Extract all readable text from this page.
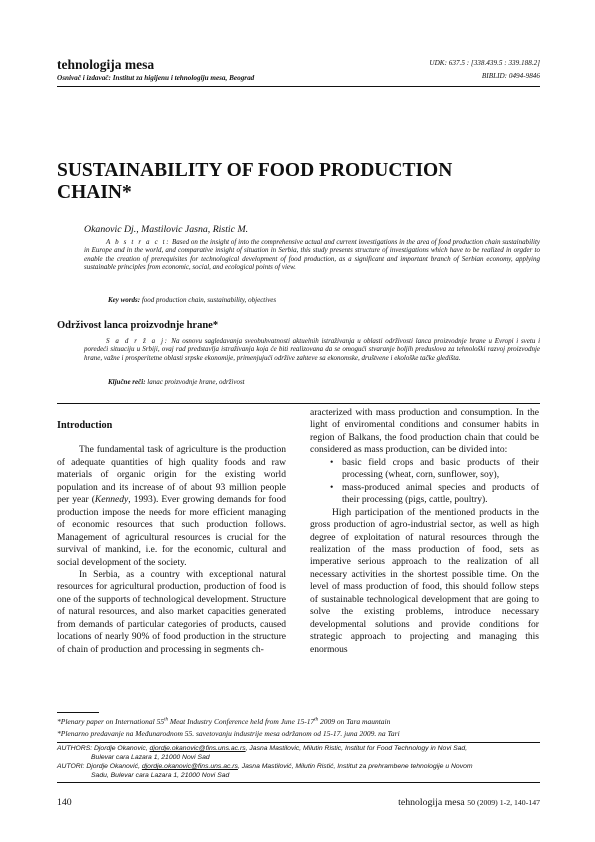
tehnologija mesa
Osnivač i izdavač: Institut za higijenu i tehnologiju mesa, Beograd
UDK: 637.5 : [338.439.5 : 339.188.2]
BIBLID: 0494-9846
SUSTAINABILITY OF FOOD PRODUCTION
CHAIN*
Okanovic Dj., Mastilovic Jasna, Ristic M.
A b s t r a c t: Based on the insight of into the comprehensive actual and current investigations in the area of food production chain sustainability in Europe and in the world, and comparative insight of situation in Serbia, this study presents structure of investigations which have to be realized in orgder to enable the creation of prerequisites for technological development of food production, as a significant and important branch of Serbian economy, applying sustainable principles from economic, social, and ecological points of view.
Key words: food production chain, sustainability, objectives
Održivost lanca proizvodnje hrane*
S a d r ž a j: Na osnovu sagledavanja sveobuhvatnosti aktuelnih istraživanja u oblasti održivosti lanca proizvodnje hrane u Evropi i svetu i poredeći situaciju u Srbiji, ovaj rad predstavlja istraživanja koja će biti realizovana da se omogući stvaranje boljih preduslova za tehnološki razvoj proizvodnje hrane, važne i prosperitetne oblasti srpske ekonomije, primenjujući održive zahteve sa ekonomske, društvene i ekološke tačke gledišta.
Ključne reči: lanac proizvodnje hrane, održivost

Introduction

The fundamental task of agriculture is the production of adequate quantities of high quality foods and raw materials of organic origin for the existing world population and its increase of of about 93 million people per year (Kennedy, 1993). Ever growing demands for food production impose the needs for more efficient managing of economic resources that such production follows. Management of agricultural resources is crucial for the survival of mankind, i.e. for the economic, cultural and social development of the society.

In Serbia, as a country with exceptional natural resources for agricultural production, production of food is one of the supports of technological development. Structure of natural resources, and also market capacities generated from demands of particular categories of products, caused locations of nearly 90% of food production in the structure of chain of production and processing in segments ch-

aracterized with mass production and consumption. In the light of enviromental conditions and consumer habits in region of Balkans, the food production chain that could be considered as mass production, can be divided into:

• basic field crops and basic products of their processing (wheat, corn, sunflower, soy),
• mass-produced animal species and products of their processing (pigs, cattle, poultry).

High participation of the mentioned products in the gross production of agro-industrial sector, as well as high degree of exploitation of natural resources through the realization of the mass production of food, sets as imperative serious approach to the realization of all necessary activities in the shortest possible time. On the level of mass production of food, this should follow steps of sustainable technological development that are going to solve the existing problems, introduce necessary developmental solutions and provide conditions for strategic approach to projecting and managing this enormous

*Plenary paper on International 55th Meat Industry Conference held from June 15-17th 2009 on Tara mauntain
*Plenarno predavanje na Međunarodnom 55. savetovanju industrije mesa održanom od 15-17. juna 2009. na Tari
AUTHORS: Djordje Okanovic, djordje.okanovic@fins.uns.ac.rs, Jasna Mastilovic, Milutin Ristic, Institut for Food Technology in Novi Sad,
Bulevar cara Lazara 1, 21000 Novi Sad
AUTORI: Djordje Okanović, djordje.okanovic@fins.uns.ac.rs, Jasna Mastilović, Milutin Ristić, Institut za prehrambene tehnologije u Novom
Sadu, Bulevar cara Lazara 1, 21000 Novi Sad
140	tehnologija mesa 50 (2009) 1-2, 140-147
